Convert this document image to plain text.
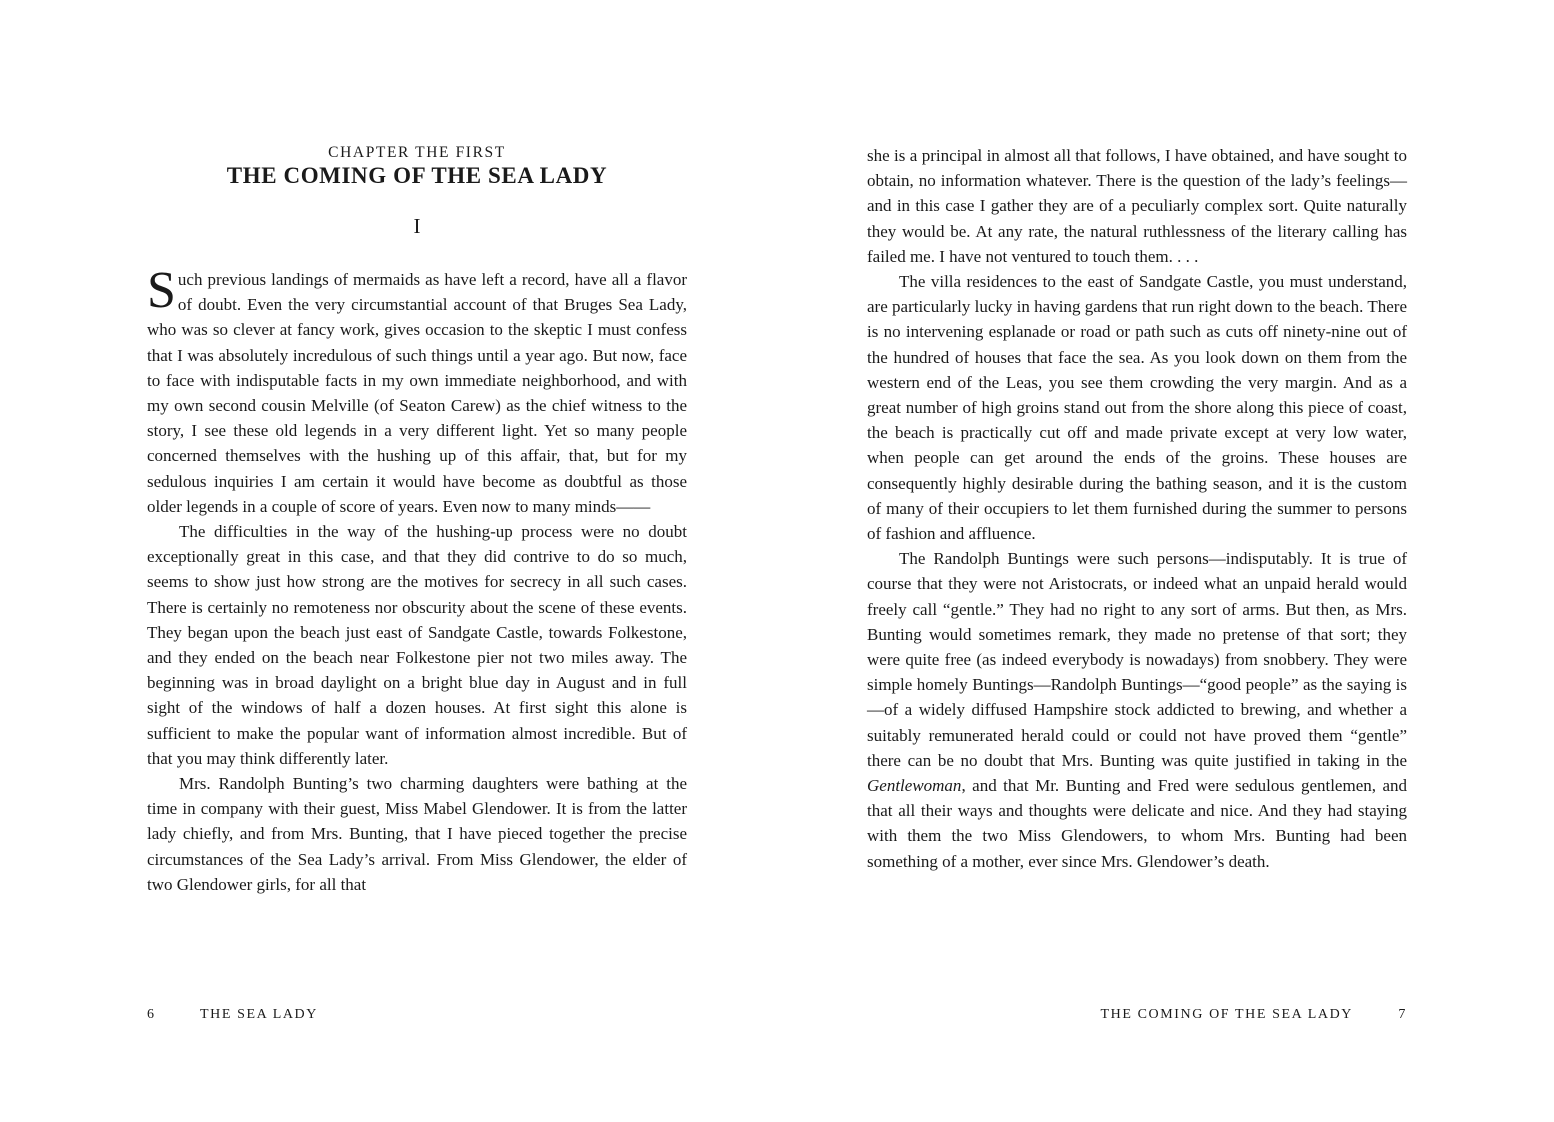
CHAPTER THE FIRST
THE COMING OF THE SEA LADY
I

Such previous landings of mermaids as have left a record, have all a flavor of doubt. Even the very circumstantial account of that Bruges Sea Lady, who was so clever at fancy work, gives occasion to the skeptic I must confess that I was absolutely incredulous of such things until a year ago. But now, face to face with indisputable facts in my own immediate neighborhood, and with my own second cousin Melville (of Seaton Carew) as the chief witness to the story, I see these old legends in a very different light. Yet so many people concerned themselves with the hushing up of this affair, that, but for my sedulous inquiries I am certain it would have become as doubtful as those older legends in a couple of score of years. Even now to many minds——

The difficulties in the way of the hushing-up process were no doubt exceptionally great in this case, and that they did contrive to do so much, seems to show just how strong are the motives for secrecy in all such cases. There is certainly no remoteness nor obscurity about the scene of these events. They began upon the beach just east of Sandgate Castle, towards Folkestone, and they ended on the beach near Folkestone pier not two miles away. The beginning was in broad daylight on a bright blue day in August and in full sight of the windows of half a dozen houses. At first sight this alone is sufficient to make the popular want of information almost incredible. But of that you may think differently later.

Mrs. Randolph Bunting’s two charming daughters were bathing at the time in company with their guest, Miss Mabel Glendower. It is from the latter lady chiefly, and from Mrs. Bunting, that I have pieced together the precise circumstances of the Sea Lady’s arrival. From Miss Glendower, the elder of two Glendower girls, for all that

6	THE SEA LADY

she is a principal in almost all that follows, I have obtained, and have sought to obtain, no information whatever. There is the question of the lady’s feelings—and in this case I gather they are of a peculiarly complex sort. Quite naturally they would be. At any rate, the natural ruthlessness of the literary calling has failed me. I have not ventured to touch them. . . .

The villa residences to the east of Sandgate Castle, you must understand, are particularly lucky in having gardens that run right down to the beach. There is no intervening esplanade or road or path such as cuts off ninety-nine out of the hundred of houses that face the sea. As you look down on them from the western end of the Leas, you see them crowding the very margin. And as a great number of high groins stand out from the shore along this piece of coast, the beach is practically cut off and made private except at very low water, when people can get around the ends of the groins. These houses are consequently highly desirable during the bathing season, and it is the custom of many of their occupiers to let them furnished during the summer to persons of fashion and affluence.

The Randolph Buntings were such persons—indisputably. It is true of course that they were not Aristocrats, or indeed what an unpaid herald would freely call “gentle.” They had no right to any sort of arms. But then, as Mrs. Bunting would sometimes remark, they made no pretense of that sort; they were quite free (as indeed everybody is nowadays) from snobbery. They were simple homely Buntings—Randolph Buntings—“good people” as the saying is—of a widely diffused Hampshire stock addicted to brewing, and whether a suitably remunerated herald could or could not have proved them “gentle” there can be no doubt that Mrs. Bunting was quite justified in taking in the Gentlewoman, and that Mr. Bunting and Fred were sedulous gentlemen, and that all their ways and thoughts were delicate and nice. And they had staying with them the two Miss Glendowers, to whom Mrs. Bunting had been something of a mother, ever since Mrs. Glendower’s death.

THE COMING OF THE SEA LADY	7
